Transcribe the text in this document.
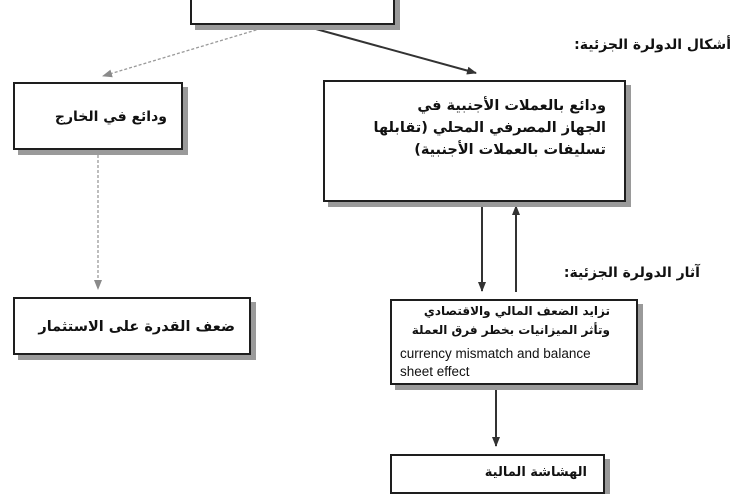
أشكال الدولرة الجزئية:
ودائع في الخارج
ودائع بالعملات الأجنبية في
الجهاز المصرفي المحلي (تقابلها
تسليفات بالعملات الأجنبية)
آثار الدولرة الجزئية:
ضعف القدرة على الاستثمار
تزايد الضعف المالي والاقتصادي
وتأثر الميزانيات بخطر فرق العملة
currency mismatch and balance
sheet effect
الهشاشة المالية
